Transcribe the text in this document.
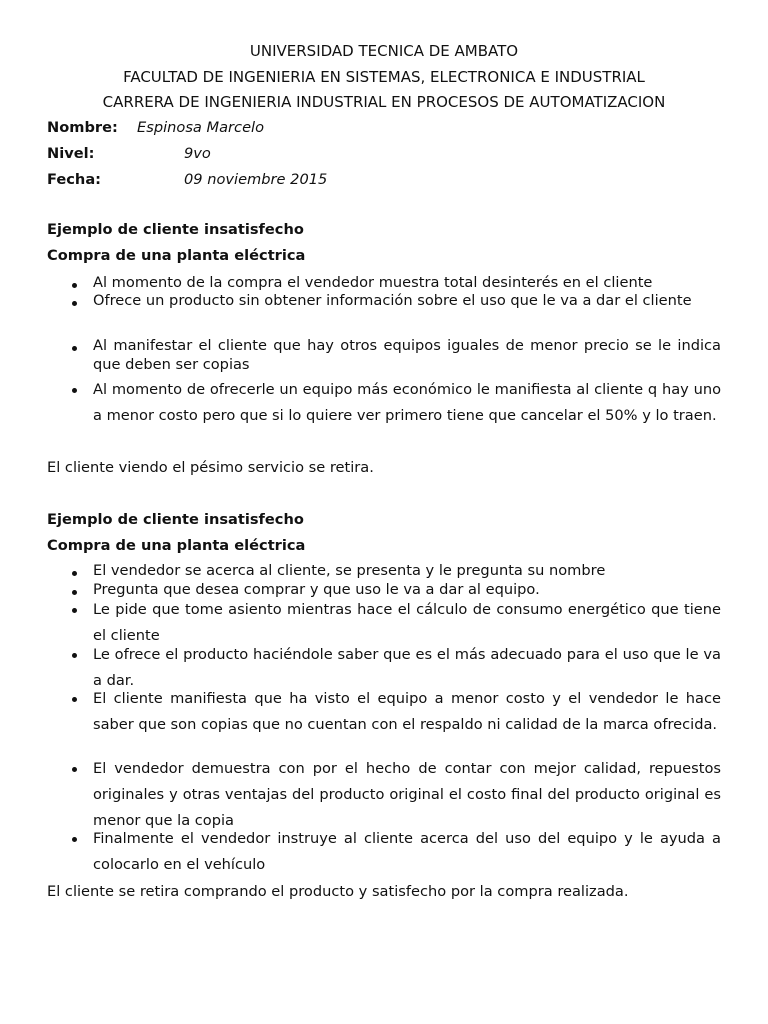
UNIVERSIDAD TECNICA DE AMBATO
FACULTAD DE INGENIERIA EN SISTEMAS, ELECTRONICA E INDUSTRIAL
CARRERA DE INGENIERIA INDUSTRIAL EN PROCESOS DE AUTOMATIZACION
Nombre: Espinosa Marcelo
Nivel:	9vo
Fecha:	09 noviembre 2015
Ejemplo de cliente insatisfecho
Compra de una planta eléctrica
Al momento de la compra el vendedor muestra total desinterés en el cliente
Ofrece un producto sin obtener información sobre el uso que le va a dar el cliente
Al manifestar el cliente que hay otros equipos iguales de menor precio se le indica que deben ser copias
Al momento de ofrecerle un equipo más económico le manifiesta al cliente q hay uno a menor costo pero que si lo quiere ver primero tiene que cancelar el 50% y lo traen.
El cliente viendo el pésimo servicio se retira.
Ejemplo de cliente insatisfecho
Compra de una planta eléctrica
El vendedor se acerca al cliente, se presenta y le pregunta su nombre
Pregunta que desea comprar y que uso le va a dar al equipo.
Le pide que tome asiento mientras hace el cálculo de consumo energético que tiene el cliente
Le ofrece el producto haciéndole saber que es el más adecuado para el uso que le va a dar.
El cliente manifiesta que ha visto el equipo a menor costo y el vendedor le hace saber que son copias que no cuentan con el respaldo ni calidad de la marca ofrecida.
El vendedor demuestra con por el hecho de contar con mejor calidad, repuestos originales y otras ventajas del producto original el costo final del producto original es menor que la copia
Finalmente el vendedor instruye al cliente acerca del uso del equipo y le ayuda a colocarlo en el vehículo
El cliente se retira comprando el producto y satisfecho por la compra realizada.
